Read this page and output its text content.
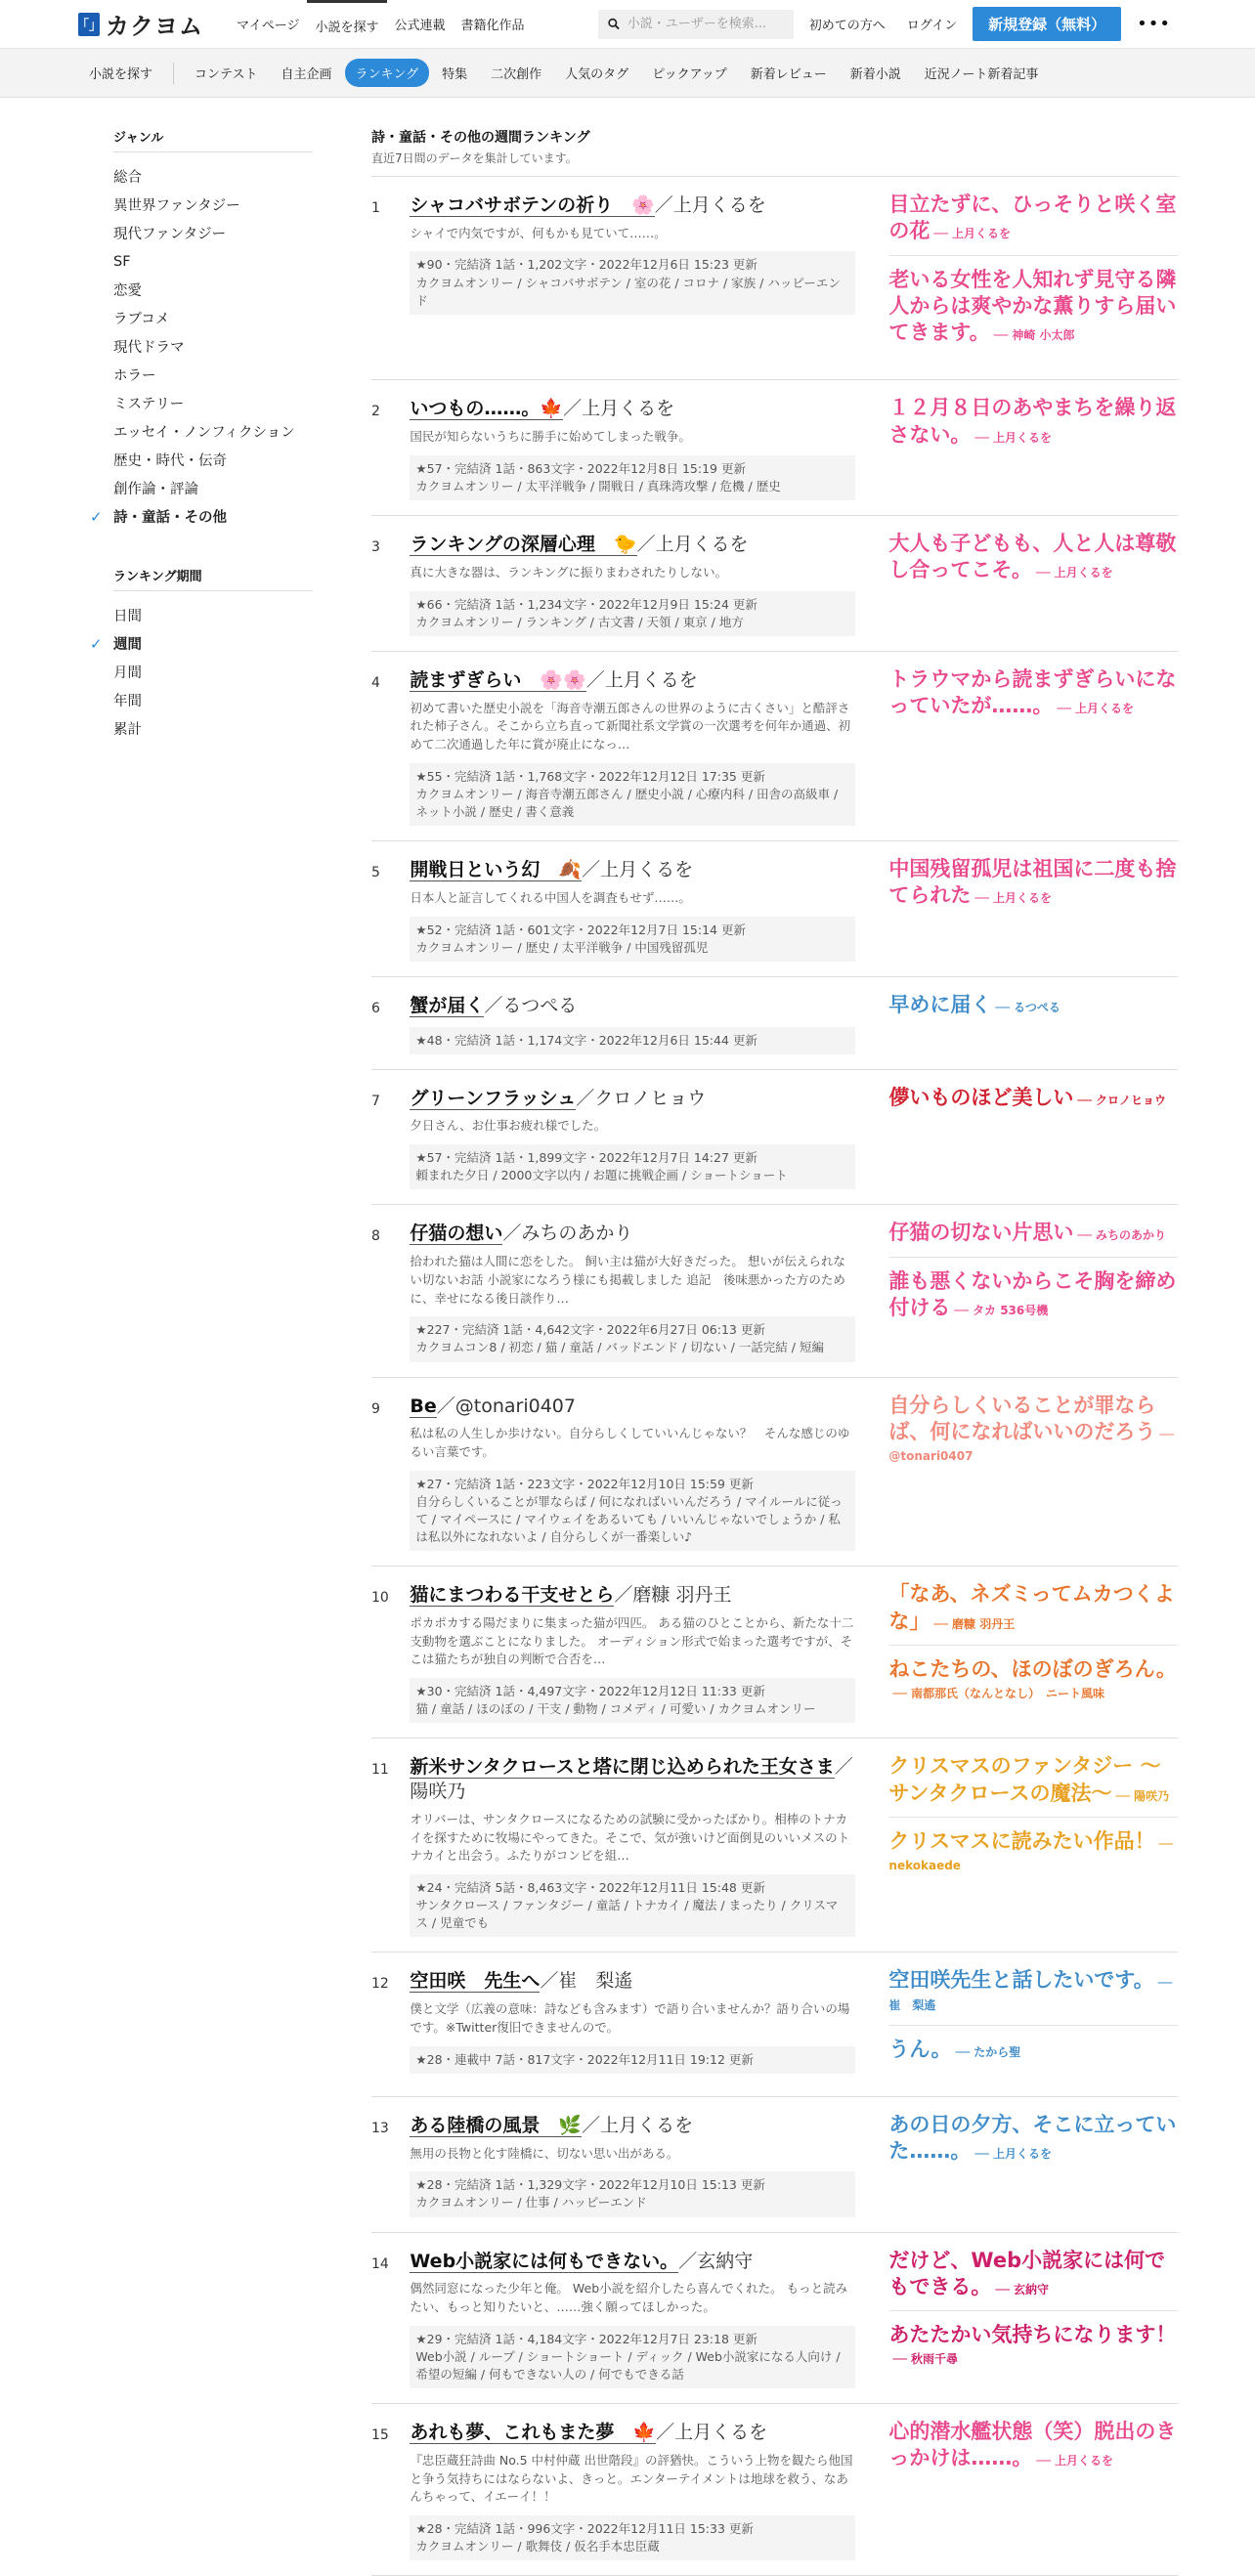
「」 カクヨム	マイページ	小説を探す	公式連載	書籍化作品
小説・ユーザーを検索...	初めての方へ	ログイン	新規登録（無料）	•••
小説を探す	コンテスト	自主企画	ランキング	特集	二次創作	人気のタグ	ピックアップ	新着レビュー	新着小説	近況ノート新着記事
ジャンル
総合
異世界ファンタジー
現代ファンタジー
SF
恋愛
ラブコメ
現代ドラマ
ホラー
ミステリー
エッセイ・ノンフィクション
歴史・時代・伝奇
創作論・評論
✓ 詩・童話・その他
ランキング期間
日間
✓ 週間
月間
年間
累計
詩・童話・その他の週間ランキング
直近7日間のデータを集計しています。
1	シャコバサボテンの祈り　🌸／上月くるを
シャイで内気ですが、何もかも見ていて……。
★90・完結済 1話・1,202文字・2022年12月6日 15:23 更新
カクヨムオンリー / シャコバサボテン / 室の花 / コロナ / 家族 / ハッピーエンド
目立たずに、ひっそりと咲く室の花 ── 上月くるを
老いる女性を人知れず見守る隣人からは爽やかな薫りすら届いてきます。 ── 神崎 小太郎
2	いつもの……。🍁／上月くるを
国民が知らないうちに勝手に始めてしまった戦争。
★57・完結済 1話・863文字・2022年12月8日 15:19 更新
カクヨムオンリー / 太平洋戦争 / 開戦日 / 真珠湾攻撃 / 危機 / 歴史
１２月８日のあやまちを繰り返さない。 ── 上月くるを
3	ランキングの深層心理　🐤／上月くるを
真に大きな器は、ランキングに振りまわされたりしない。
★66・完結済 1話・1,234文字・2022年12月9日 15:24 更新
カクヨムオンリー / ランキング / 古文書 / 天領 / 東京 / 地方
大人も子どもも、人と人は尊敬し合ってこそ。 ── 上月くるを
4	読まずぎらい　🌸🌸／上月くるを
初めて書いた歴史小説を「海音寺潮五郎さんの世界のように古くさい」と酷評された柿子さん。そこから立ち直って新聞社系文学賞の一次選考を何年か通過、初めて二次通過した年に賞が廃止になっ…
★55・完結済 1話・1,768文字・2022年12月12日 17:35 更新
カクヨムオンリー / 海音寺潮五郎さん / 歴史小説 / 心療内科 / 田舎の高級車 / ネット小説 / 歴史 / 書く意義
トラウマから読まずぎらいになっていたが……。 ── 上月くるを
5	開戦日という幻　🍂／上月くるを
日本人と証言してくれる中国人を調査もせず……。
★52・完結済 1話・601文字・2022年12月7日 15:14 更新
カクヨムオンリー / 歴史 / 太平洋戦争 / 中国残留孤児
中国残留孤児は祖国に二度も捨てられた ── 上月くるを
6	蟹が届く／るつぺる
★48・完結済 1話・1,174文字・2022年12月6日 15:44 更新
早めに届く ── るつぺる
7	グリーンフラッシュ／クロノヒョウ
夕日さん、お仕事お疲れ様でした。
★57・完結済 1話・1,899文字・2022年12月7日 14:27 更新
頼まれた夕日 / 2000文字以内 / お題に挑戦企画 / ショートショート
儚いものほど美しい ── クロノヒョウ
8	仔猫の想い／みちのあかり
拾われた猫は人間に恋をした。 飼い主は猫が大好きだった。 想いが伝えられない切ないお話 小説家になろう様にも掲載しました 追記　後味悪かった方のために、幸せになる後日談作り…
★227・完結済 1話・4,642文字・2022年6月27日 06:13 更新
カクヨムコン8 / 初恋 / 猫 / 童話 / バッドエンド / 切ない / 一話完結 / 短編
仔猫の切ない片思い ── みちのあかり
誰も悪くないからこそ胸を締め付ける ── タカ 536号機
9	Be／@tonari0407
私は私の人生しか歩けない。自分らしくしていいんじゃない？　そんな感じのゆるい言葉です。
★27・完結済 1話・223文字・2022年12月10日 15:59 更新
自分らしくいることが罪ならば / 何になればいいんだろう / マイルールに従って / マイペースに / マイウェイをあるいても / いいんじゃないでしょうか / 私は私以外になれないよ / 自分らしくが一番楽しい♪
自分らしくいることが罪ならば、何になればいいのだろう ── @tonari0407
10	猫にまつわる干支せとら／磨糠 羽丹王
ポカポカする陽だまりに集まった猫が四匹。 ある猫のひとことから、新たな十二支動物を選ぶことになりました。 オーディション形式で始まった選考ですが、そこは猫たちが独自の判断で合否を…
★30・完結済 1話・4,497文字・2022年12月12日 11:33 更新
猫 / 童話 / ほのぼの / 干支 / 動物 / コメディ / 可愛い / カクヨムオンリー
「なあ、ネズミってムカつくよな」 ── 磨糠 羽丹王
ねこたちの、ほのぼのぎろん。── 南都那氏（なんとなし）　ニート風味
11	新米サンタクロースと塔に閉じ込められた王女さま／陽咲乃
オリバーは、サンタクロースになるための試験に受かったばかり。相棒のトナカイを探すために牧場にやってきた。そこで、気が強いけど面倒見のいいメスのトナカイと出会う。ふたりがコンビを組…
★24・完結済 5話・8,463文字・2022年12月11日 15:48 更新
サンタクロース / ファンタジー / 童話 / トナカイ / 魔法 / まったり / クリスマス / 児童でも
クリスマスのファンタジー ～サンタクロースの魔法～ ── 陽咲乃
クリスマスに読みたい作品！ ── nekokaede
12	空田咲　先生へ／崔　梨遙
僕と文学（広義の意味：詩なども含みます）で語り合いませんか？語り合いの場です。※Twitter復旧できませんので。
★28・連載中 7話・817文字・2022年12月11日 19:12 更新
空田咲先生と話したいです。 ── 崔　梨遙
うん。 ── たから聖
13	ある陸橋の風景　🌿／上月くるを
無用の長物と化す陸橋に、切ない思い出がある。
★28・完結済 1話・1,329文字・2022年12月10日 15:13 更新
カクヨムオンリー / 仕事 / ハッピーエンド
あの日の夕方、そこに立っていた……。 ── 上月くるを
14	Web小説家には何もできない。／玄納守
偶然同窓になった少年と俺。 Web小説を紹介したら喜んでくれた。 もっと読みたい、もっと知りたいと、……強く願ってほしかった。
★29・完結済 1話・4,184文字・2022年12月7日 23:18 更新
Web小説 / ループ / ショートショート / ディック / Web小説家になる人向け / 希望の短編 / 何もできない人の / 何でもできる話
だけど、Web小説家には何でもできる。 ── 玄納守
あたたかい気持ちになります！── 秋雨千尋
15	あれも夢、これもまた夢　🍁／上月くるを
『忠臣蔵狂詩曲 No.5 中村仲蔵 出世階段』の評猶快。こういう上物を観たら他国と争う気持ちにはならないよ、きっと。エンターテイメントは地球を救う、なあんちゃって、イエーイ！！
★28・完結済 1話・996文字・2022年12月11日 15:33 更新
カクヨムオンリー / 歌舞伎 / 仮名手本忠臣蔵
心的潜水艦状態（笑）脱出のきっかけは……。 ── 上月くるを
